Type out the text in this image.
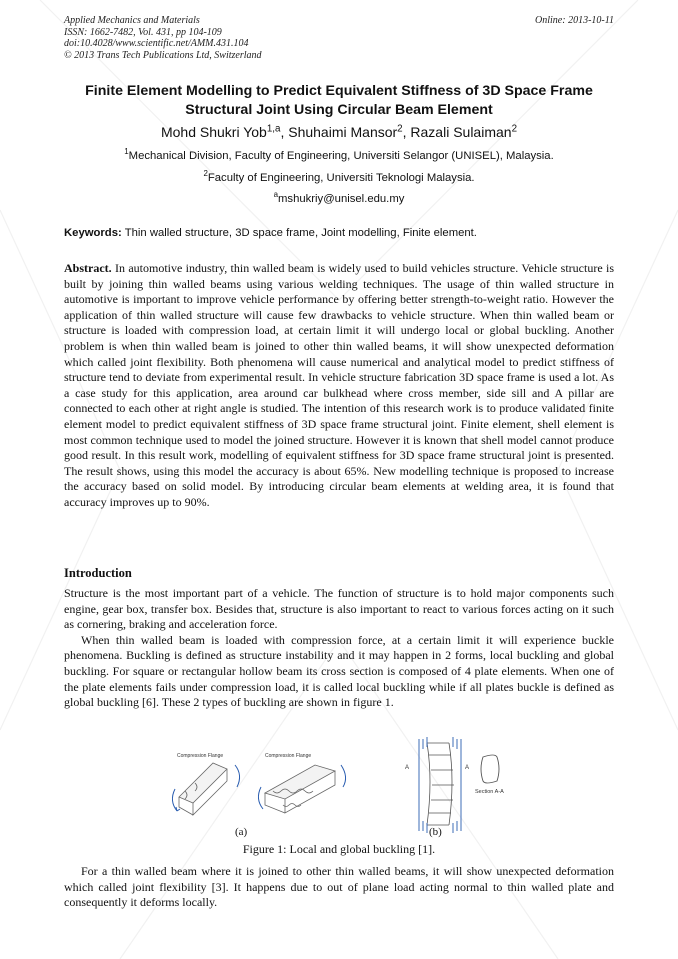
Applied Mechanics and Materials
ISSN: 1662-7482, Vol. 431, pp 104-109
doi:10.4028/www.scientific.net/AMM.431.104
© 2013 Trans Tech Publications Ltd, Switzerland
Online: 2013-10-11
Finite Element Modelling to Predict Equivalent Stiffness of 3D Space Frame Structural Joint Using Circular Beam Element
Mohd Shukri Yob$^{1,a}$, Shuhaimi Mansor$^2$, Razali Sulaiman$^2$
$^1$Mechanical Division, Faculty of Engineering, Universiti Selangor (UNISEL), Malaysia.
$^2$Faculty of Engineering, Universiti Teknologi Malaysia.
$^a$mshukriy@unisel.edu.my
Keywords: Thin walled structure, 3D space frame, Joint modelling, Finite element.
Abstract. In automotive industry, thin walled beam is widely used to build vehicles structure. Vehicle structure is built by joining thin walled beams using various welding techniques. The usage of thin walled structure in automotive is important to improve vehicle performance by offering better strength-to-weight ratio. However the application of thin walled structure will cause few drawbacks to vehicle structure. When thin walled beam or structure is loaded with compression load, at certain limit it will undergo local or global buckling. Another problem is when thin walled beam is joined to other thin walled beams, it will show unexpected deformation which called joint flexibility. Both phenomena will cause numerical and analytical model to predict stiffness of structure tend to deviate from experimental result. In vehicle structure fabrication 3D space frame is used a lot. As a case study for this application, area around car bulkhead where cross member, side sill and A pillar are connected to each other at right angle is studied. The intention of this research work is to produce validated finite element model to predict equivalent stiffness of 3D space frame structural joint. Finite element, shell element is most common technique used to model the joined structure. However it is known that shell model cannot produce good result. In this result work, modelling of equivalent stiffness for 3D space frame structural joint is presented. The result shows, using this model the accuracy is about 65%. New modelling technique is proposed to increase the accuracy based on solid model. By introducing circular beam elements at welding area, it is found that accuracy improves up to 90%.
Introduction

Structure is the most important part of a vehicle. The function of structure is to hold major components such engine, gear box, transfer box. Besides that, structure is also important to react to various forces acting on it such as cornering, braking and acceleration force.

When thin walled beam is loaded with compression force, at a certain limit it will experience buckle phenomena. Buckling is defined as structure instability and it may happen in 2 forms, local buckling and global buckling. For square or rectangular hollow beam its cross section is composed of 4 plate elements. When one of the plate elements fails under compression load, it is called local buckling while if all plates buckle is defined as global buckling [6]. These 2 types of buckling are shown in figure 1.

Compression Flange	Compression Flange
A	A
Section A-A
(a)	(b)
Figure 1: Local and global buckling [1].

For a thin walled beam where it is joined to other thin walled beams, it will show unexpected deformation which called joint flexibility [3]. It happens due to out of plane load acting normal to thin walled plate and consequently it deforms locally.
